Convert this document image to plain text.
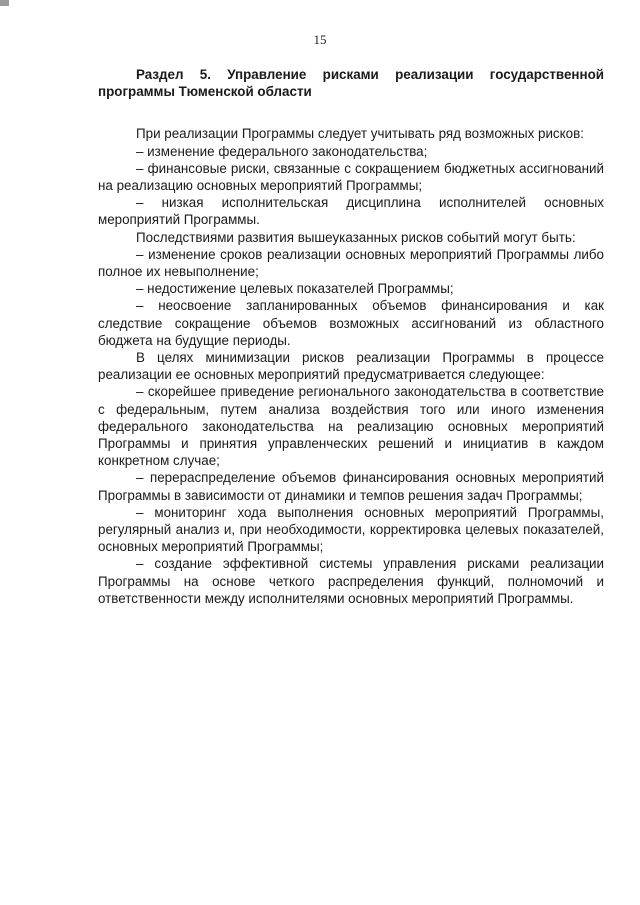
15

Раздел 5. Управление рисками реализации государственной программы Тюменской области

При реализации Программы следует учитывать ряд возможных рисков:

– изменение федерального законодательства;

– финансовые риски, связанные с сокращением бюджетных ассигнований на реализацию основных мероприятий Программы;

– низкая исполнительская дисциплина исполнителей основных мероприятий Программы.

Последствиями развития вышеуказанных рисков событий могут быть:

– изменение сроков реализации основных мероприятий Программы либо полное их невыполнение;

– недостижение целевых показателей Программы;

– неосвоение запланированных объемов финансирования и как следствие сокращение объемов возможных ассигнований из областного бюджета на будущие периоды.

В целях минимизации рисков реализации Программы в процессе реализации ее основных мероприятий предусматривается следующее:

– скорейшее приведение регионального законодательства в соответствие с федеральным, путем анализа воздействия того или иного изменения федерального законодательства на реализацию основных мероприятий Программы и принятия управленческих решений и инициатив в каждом конкретном случае;

– перераспределение объемов финансирования основных мероприятий Программы в зависимости от динамики и темпов решения задач Программы;

– мониторинг хода выполнения основных мероприятий Программы, регулярный анализ и, при необходимости, корректировка целевых показателей, основных мероприятий Программы;

– создание эффективной системы управления рисками реализации Программы на основе четкого распределения функций, полномочий и ответственности между исполнителями основных мероприятий Программы.
